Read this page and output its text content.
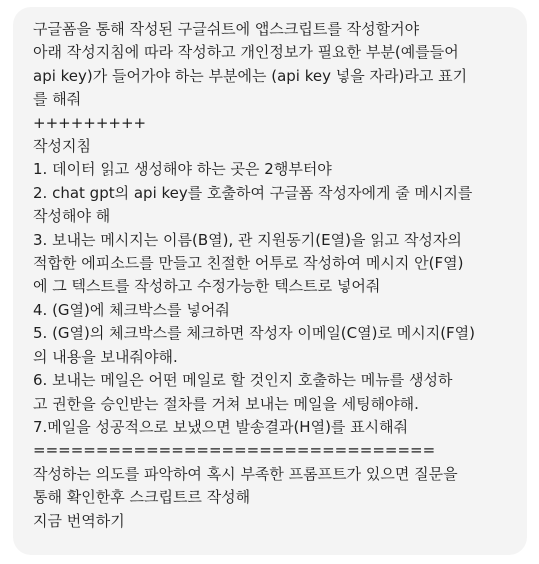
구글폼을 통해 작성된 구글쉬트에 앱스크립트를 작성할거야
아래 작성지침에 따라 작성하고 개인정보가 필요한 부분(예를들어
api key)가 들어가야 하는 부분에는 (api key 넣을 자라)라고 표기
를 해줘
+++++++++
작성지침
1. 데이터 읽고 생성해야 하는 곳은 2행부터야
2. chat gpt의 api key를 호출하여 구글폼 작성자에게 줄 메시지를
작성해야 해
3. 보내는 메시지는 이름(B열), 관 지원동기(E열)을 읽고 작성자의
적합한 에피소드를 만들고 친절한 어투로 작성하여 메시지 안(F열)
에 그 텍스트를 작성하고 수정가능한 텍스트로 넣어줘
4. (G열)에 체크박스를 넣어줘
5. (G열)의 체크박스를 체크하면 작성자 이메일(C열)로 메시지(F열)
의 내용을 보내줘야해.
6. 보내는 메일은 어떤 메일로 할 것인지 호출하는 메뉴를 생성하
고 권한을 승인받는 절차를 거쳐 보내는 메일을 세팅해야해.
7.메일을 성공적으로 보냈으면 발송결과(H열)를 표시해줘
================================
작성하는 의도를 파악하여 혹시 부족한 프롬프트가 있으면 질문을
통해 확인한후 스크립트르 작성해
지금 번역하기
